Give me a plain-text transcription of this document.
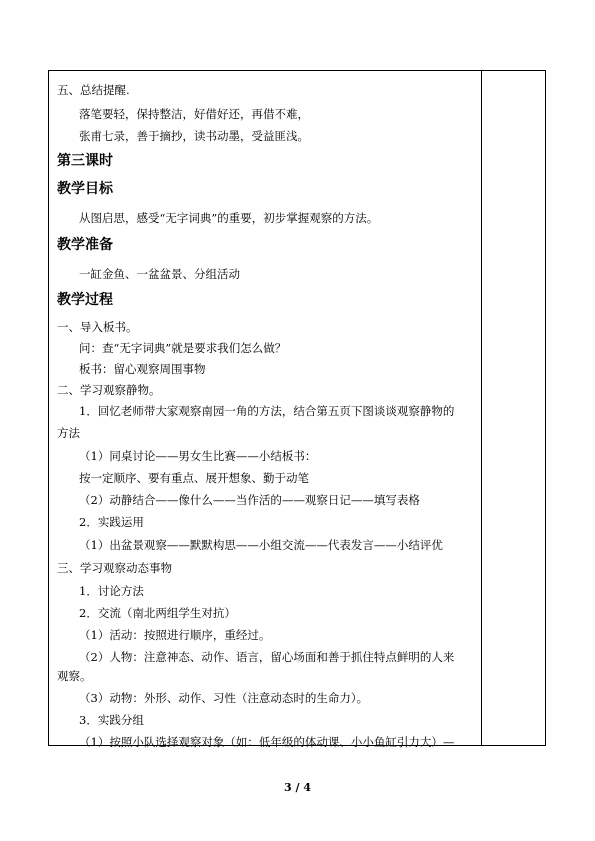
五、总结提醒.
落笔要轻，保持整洁，好借好还，再借不难，
张甫七录，善于摘抄，读书动墨，受益匪浅。
第三课时
教学目标
从图启思，感受“无字词典”的重要，初步掌握观察的方法。
教学准备
一缸金鱼、一盆盆景、分组活动
教学过程
一、导入板书。
问：查“无字词典”就是要求我们怎么做？
板书：留心观察周围事物
二、学习观察静物。
1．回忆老师带大家观察南园一角的方法，结合第五页下图谈谈观察静物的
方法
（1）同桌讨论——男女生比赛——小结板书：
按一定顺序、要有重点、展开想象、勤于动笔
（2）动静结合——像什么——当作活的——观察日记——填写表格
2．实践运用
（1）出盆景观察——默默构思——小组交流——代表发言——小结评优
三、学习观察动态事物
1．讨论方法
2．交流（南北两组学生对抗）
（1）活动：按照进行顺序，重经过。
（2）人物：注意神态、动作、语言，留心场面和善于抓住特点鲜明的人来
观察。
（3）动物：外形、动作、习性（注意动态时的生命力）。
3．实践分组
（1）按照小队选择观察对象（如：低年级的体动课、小小鱼缸引力大）—
3 / 4
